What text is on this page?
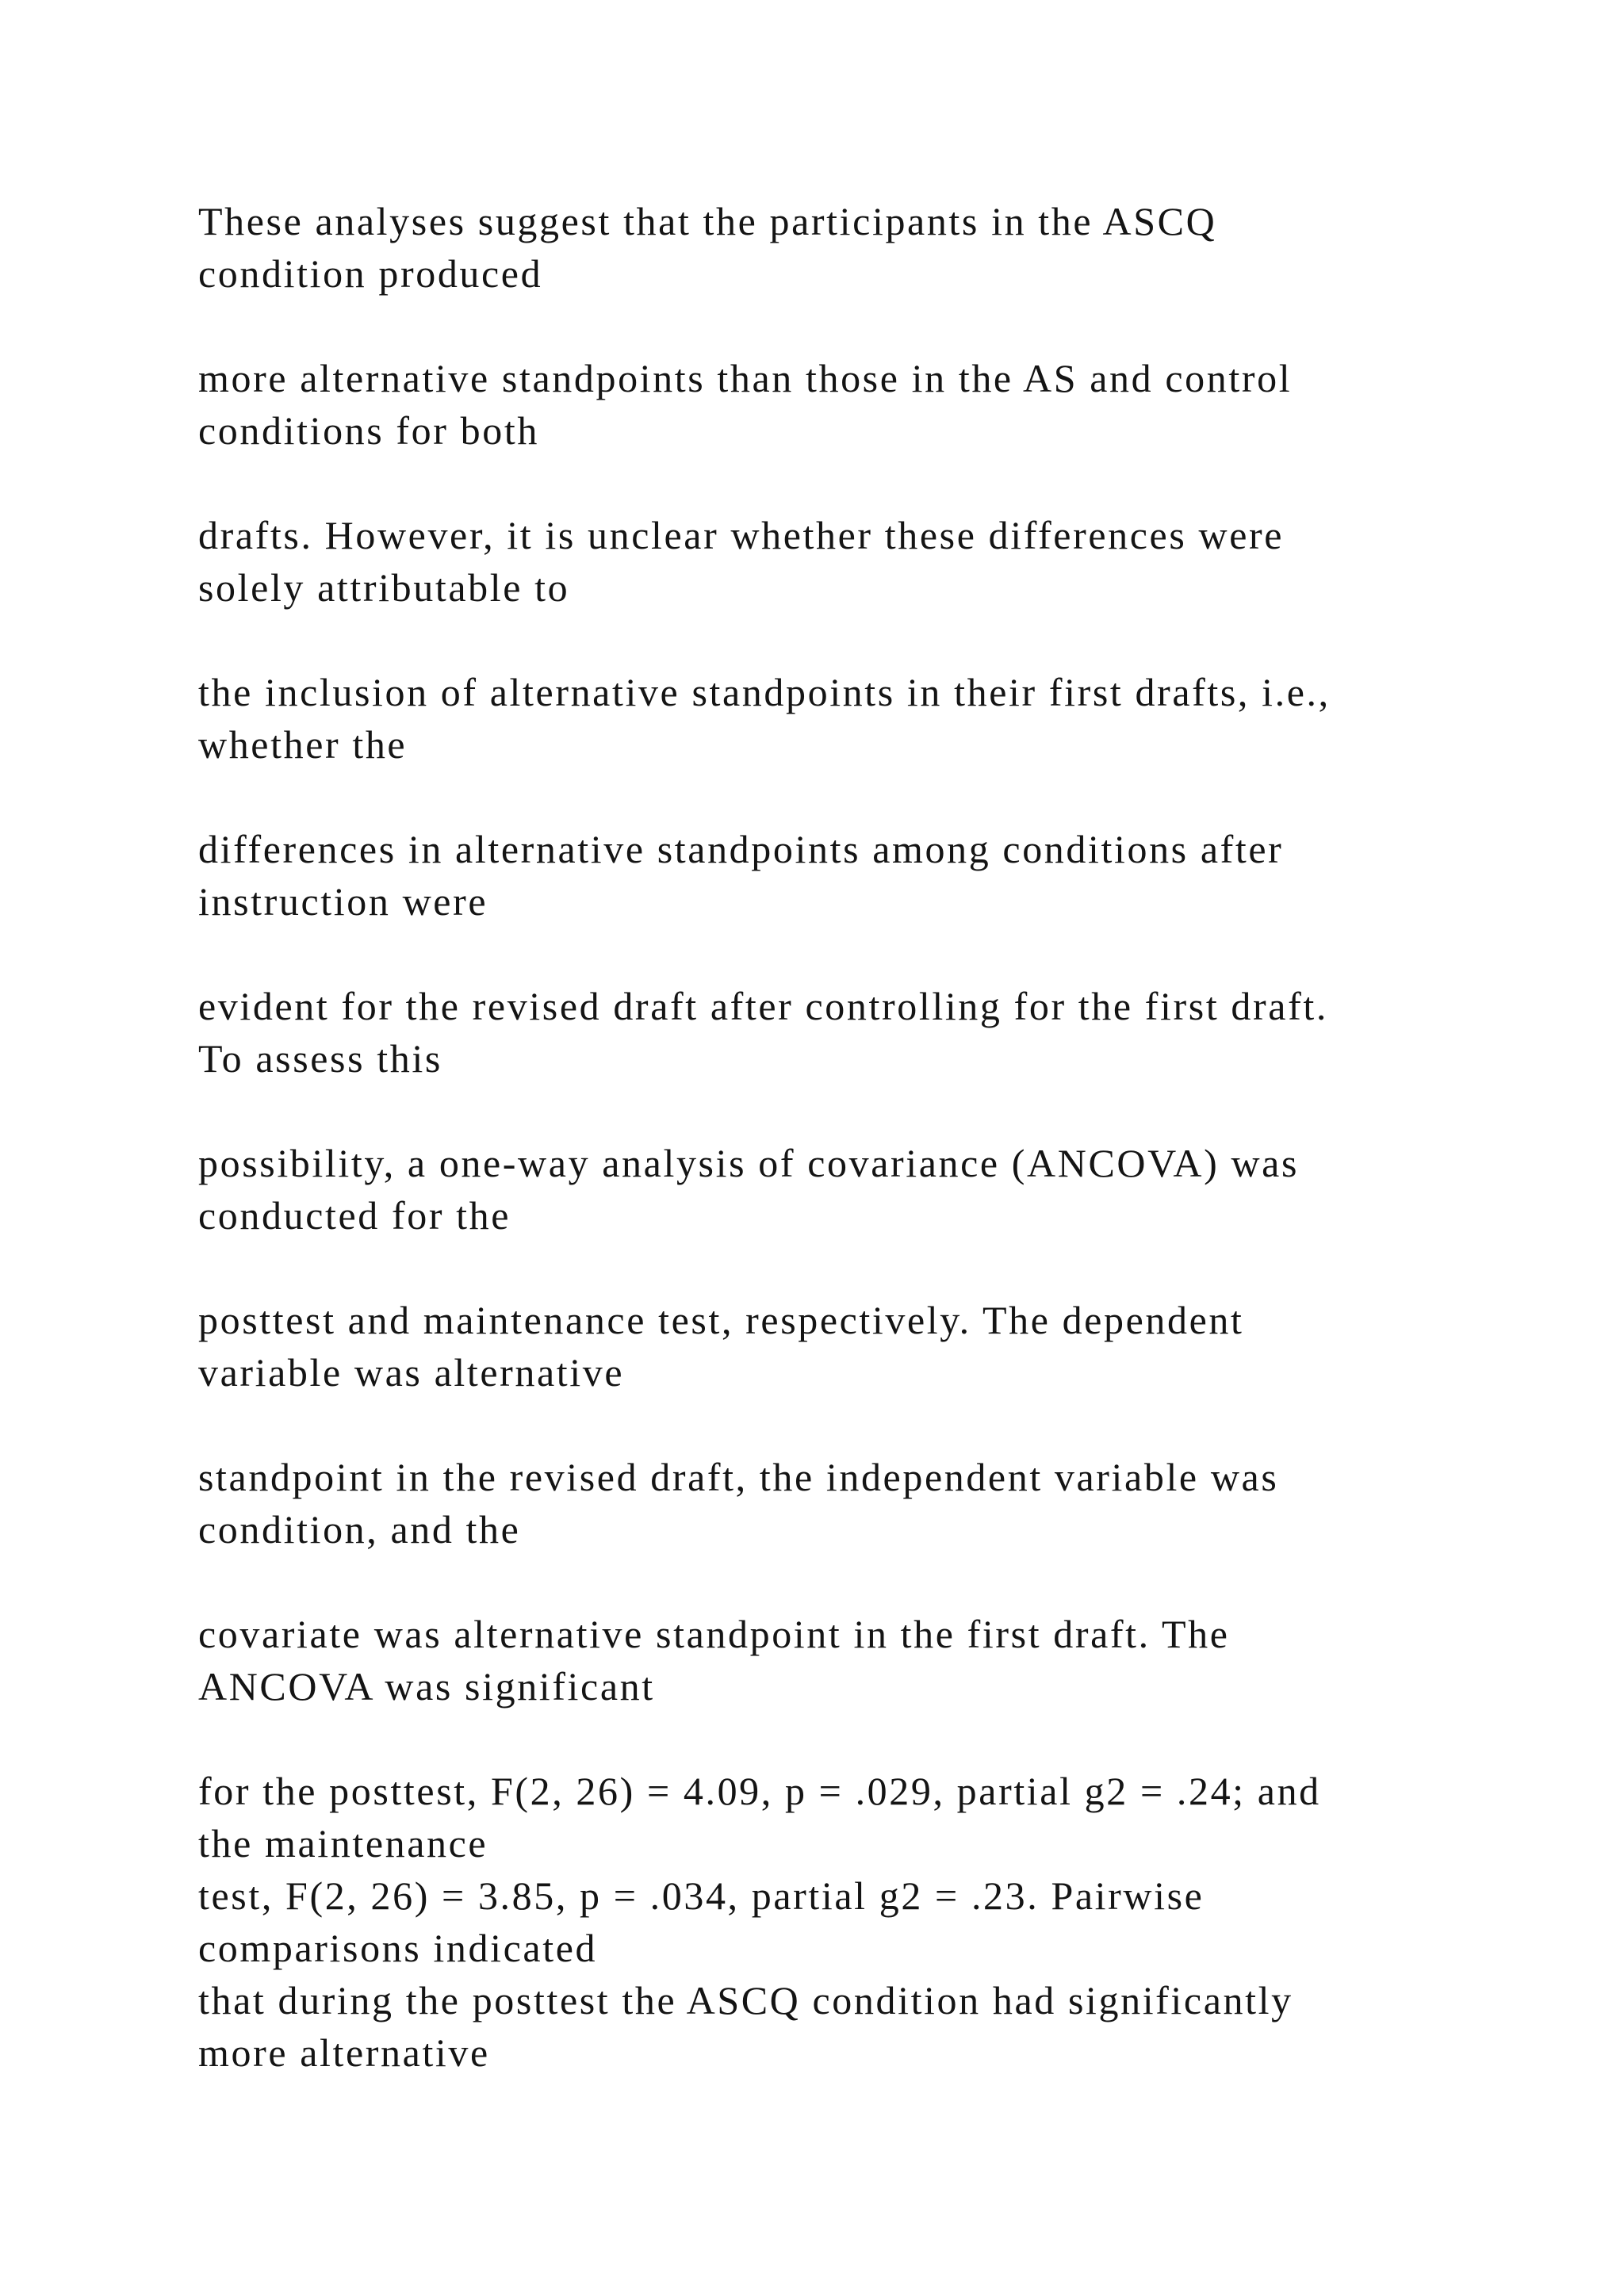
These analyses suggest that the participants in the ASCQ
condition produced

more alternative standpoints than those in the AS and control
conditions for both

drafts. However, it is unclear whether these differences were
solely attributable to

the inclusion of alternative standpoints in their first drafts, i.e.,
whether the

differences in alternative standpoints among conditions after
instruction were

evident for the revised draft after controlling for the first draft.
To assess this

possibility, a one-way analysis of covariance (ANCOVA) was
conducted for the

posttest and maintenance test, respectively. The dependent
variable was alternative

standpoint in the revised draft, the independent variable was
condition, and the

covariate was alternative standpoint in the first draft. The
ANCOVA was significant

for the posttest, F(2, 26) = 4.09, p = .029, partial g2 = .24; and
the maintenance

test, F(2, 26) = 3.85, p = .034, partial g2 = .23. Pairwise
comparisons indicated

that during the posttest the ASCQ condition had significantly
more alternative
